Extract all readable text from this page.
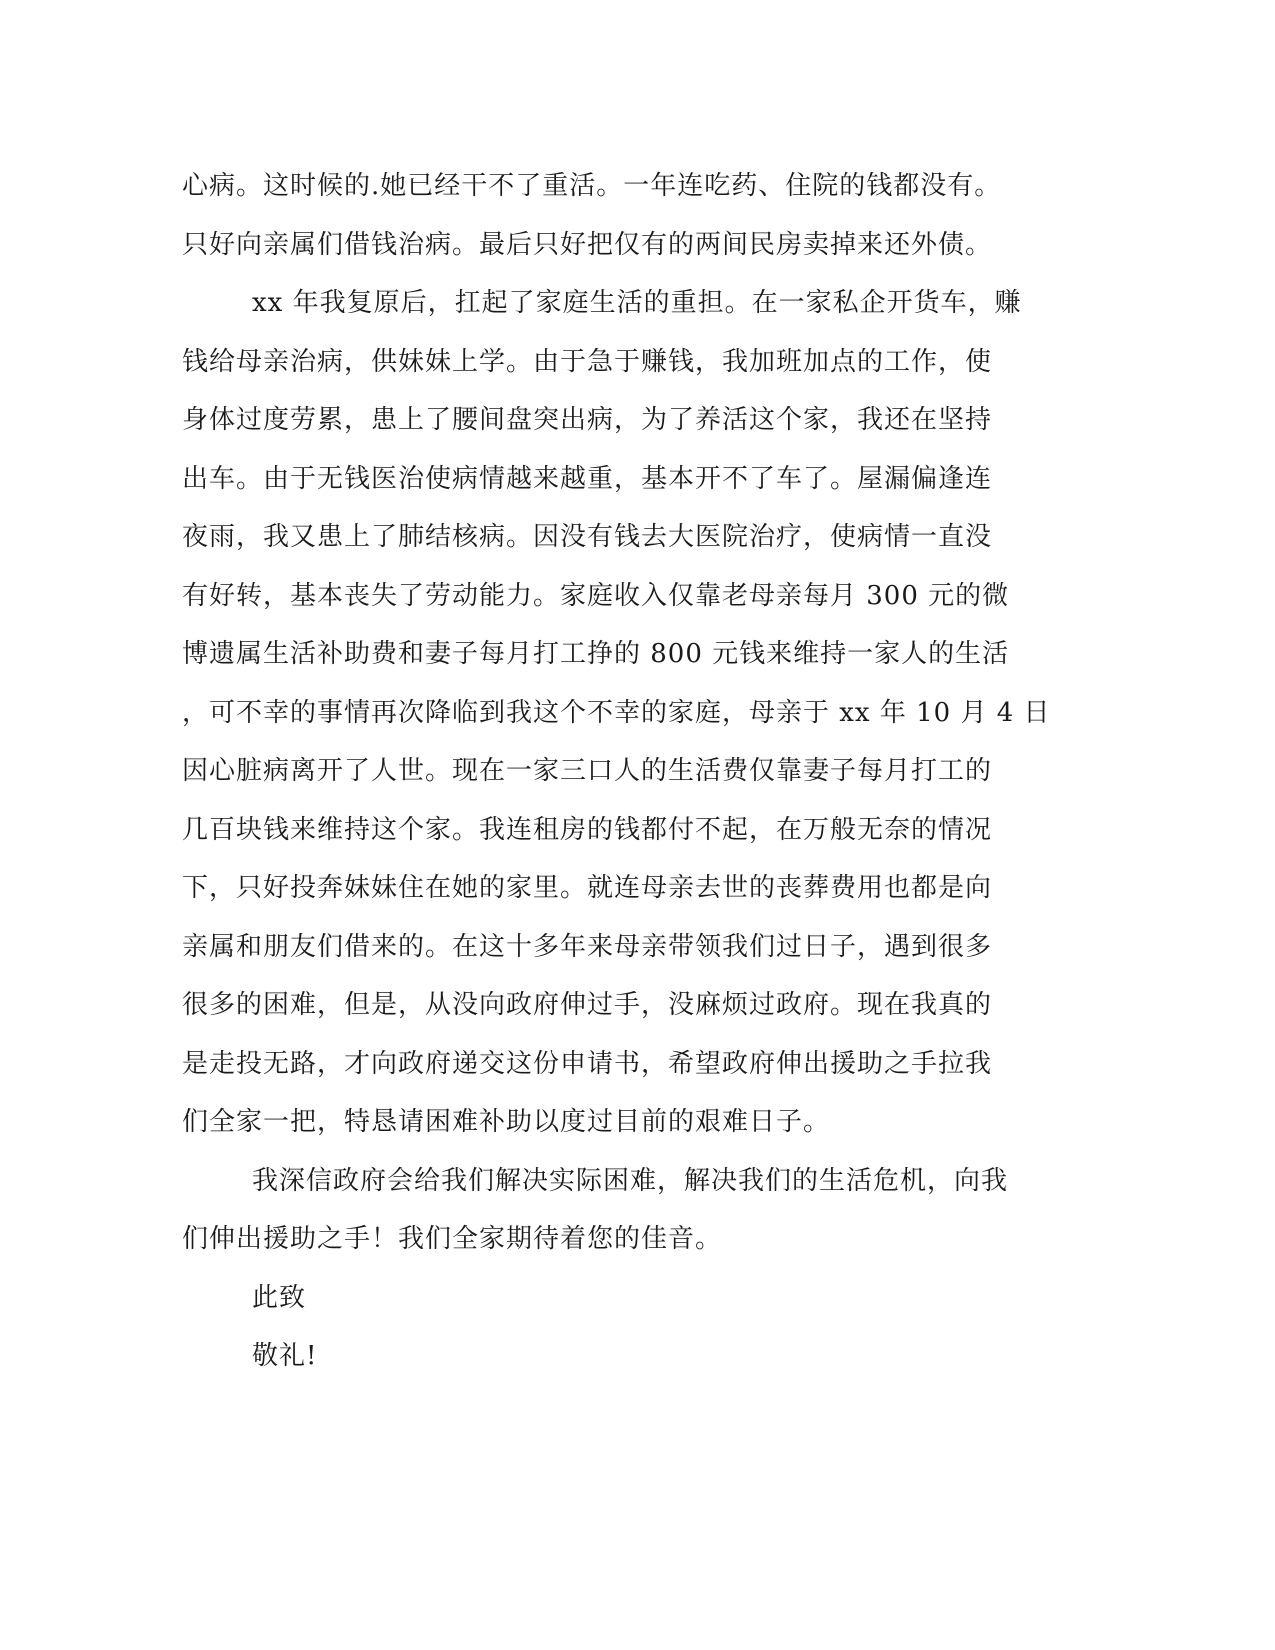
心病。这时候的.她已经干不了重活。一年连吃药、住院的钱都没有。
只好向亲属们借钱治病。最后只好把仅有的两间民房卖掉来还外债。
xx 年我复原后，扛起了家庭生活的重担。在一家私企开货车，赚
钱给母亲治病，供妹妹上学。由于急于赚钱，我加班加点的工作，使
身体过度劳累，患上了腰间盘突出病，为了养活这个家，我还在坚持
出车。由于无钱医治使病情越来越重，基本开不了车了。屋漏偏逢连
夜雨，我又患上了肺结核病。因没有钱去大医院治疗，使病情一直没
有好转，基本丧失了劳动能力。家庭收入仅靠老母亲每月 300 元的微
博遗属生活补助费和妻子每月打工挣的 800 元钱来维持一家人的生活
，可不幸的事情再次降临到我这个不幸的家庭，母亲于 xx 年 10 月 4 日
因心脏病离开了人世。现在一家三口人的生活费仅靠妻子每月打工的
几百块钱来维持这个家。我连租房的钱都付不起，在万般无奈的情况
下，只好投奔妹妹住在她的家里。就连母亲去世的丧葬费用也都是向
亲属和朋友们借来的。在这十多年来母亲带领我们过日子，遇到很多
很多的困难，但是，从没向政府伸过手，没麻烦过政府。现在我真的
是走投无路，才向政府递交这份申请书，希望政府伸出援助之手拉我
们全家一把，特恳请困难补助以度过目前的艰难日子。
我深信政府会给我们解决实际困难，解决我们的生活危机，向我
们伸出援助之手！我们全家期待着您的佳音。
此致
敬礼!
